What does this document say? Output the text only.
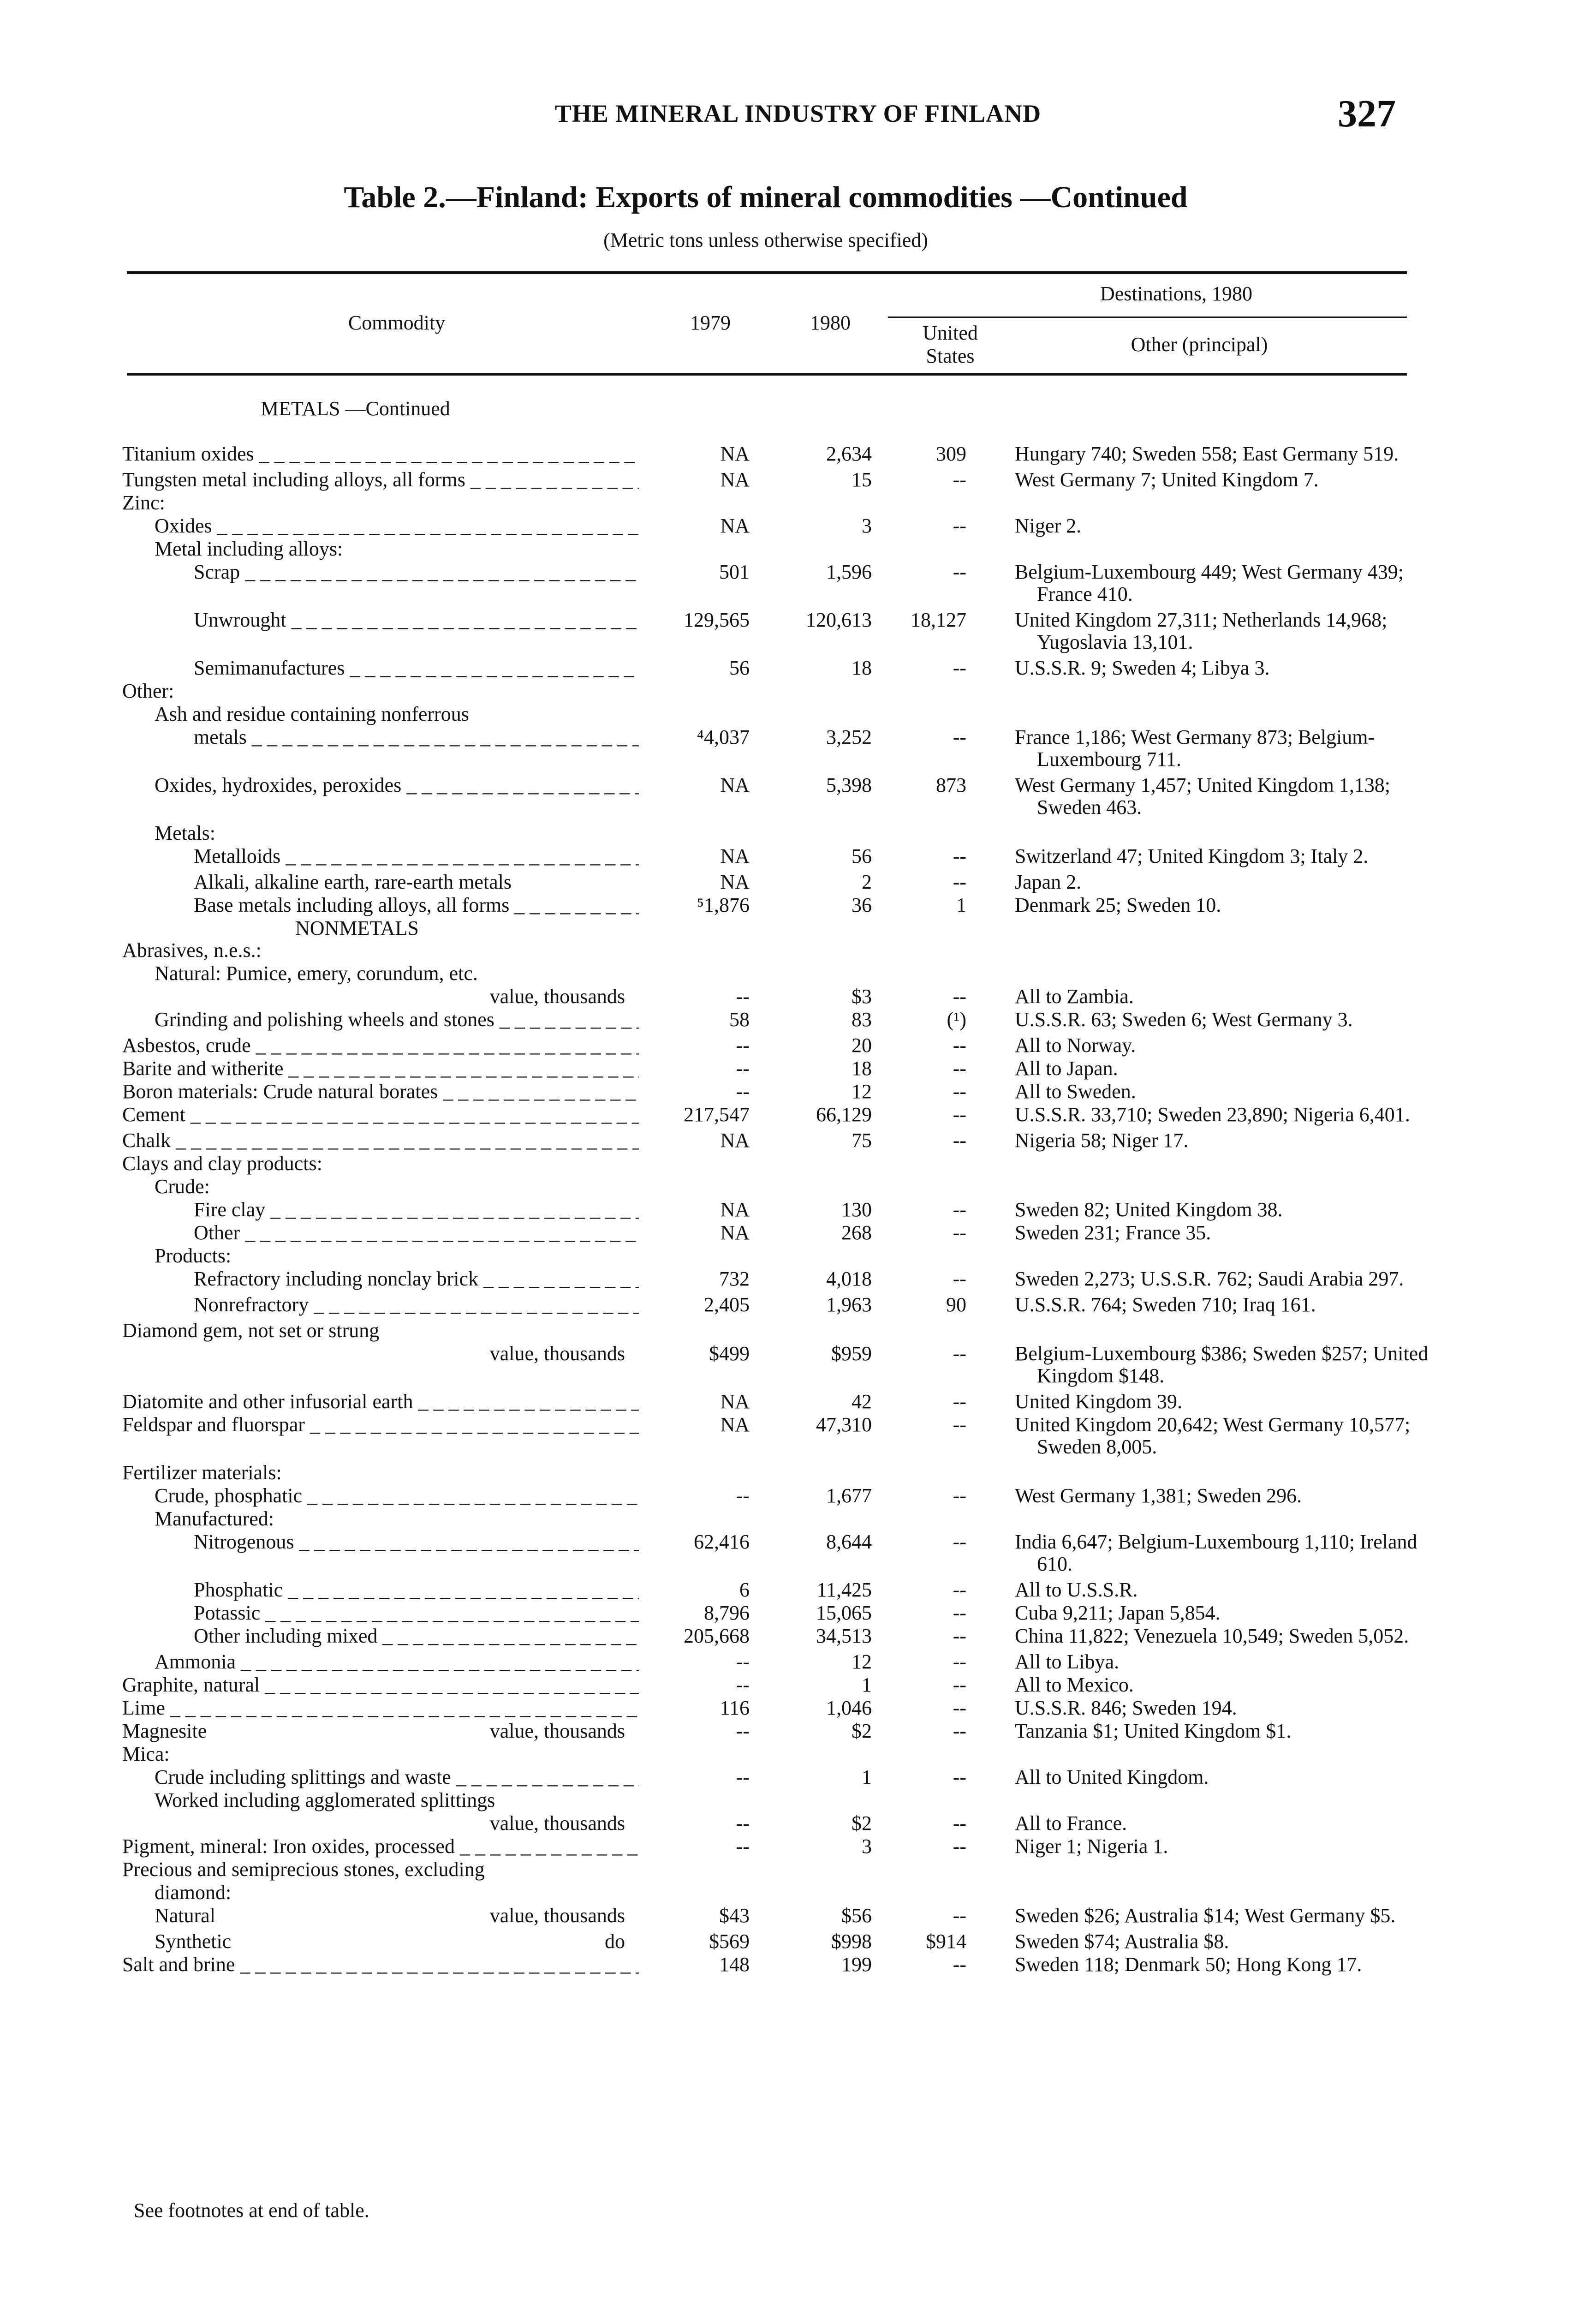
THE MINERAL INDUSTRY OF FINLAND	327
Table 2.—Finland: Exports of mineral commodities —Continued
(Metric tons unless otherwise specified)
Commodity	1979	1980
Destinations, 1980
United States
Other (principal)
METALS —Continued
Titanium oxides _ _ _	NA	2,634	309	Hungary 740; Sweden 558; East Germany 519.
Tungsten metal including alloys, all forms _ _ _	NA	15	--	West Germany 7; United Kingdom 7.
Zinc:
Oxides _ _ _	NA	3	--	Niger 2.
Metal including alloys:
Scrap _ _ _	501	1,596	--	Belgium-Luxembourg 449; West Germany 439; France 410.
Unwrought _ _ _	129,565	120,613	18,127	United Kingdom 27,311; Netherlands 14,968; Yugoslavia 13,101.
Semimanufactures _ _ _	56	18	--	U.S.S.R. 9; Sweden 4; Libya 3.
Other:
Ash and residue containing nonferrous
metals _ _ _	⁴4,037	3,252	--	France 1,186; West Germany 873; Belgium-Luxembourg 711.
Oxides, hydroxides, peroxides _ _ _	NA	5,398	873	West Germany 1,457; United Kingdom 1,138; Sweden 463.
Metals:
Metalloids _ _ _	NA	56	--	Switzerland 47; United Kingdom 3; Italy 2.
Alkali, alkaline earth, rare-earth metals	NA	2	--	Japan 2.
Base metals including alloys, all forms _ _ _	⁵1,876	36	1	Denmark 25; Sweden 10.
NONMETALS
Abrasives, n.e.s.:
Natural: Pumice, emery, corundum, etc.
value, thousands	--	$3	--	All to Zambia.
Grinding and polishing wheels and stones _ _ _	58	83	(¹)	U.S.S.R. 63; Sweden 6; West Germany 3.
Asbestos, crude _ _ _	--	20	--	All to Norway.
Barite and witherite _ _ _	--	18	--	All to Japan.
Boron materials: Crude natural borates _ _ _	--	12	--	All to Sweden.
Cement _ _ _	217,547	66,129	--	U.S.S.R. 33,710; Sweden 23,890; Nigeria 6,401.
Chalk _ _ _	NA	75	--	Nigeria 58; Niger 17.
Clays and clay products:
Crude:
Fire clay _ _ _	NA	130	--	Sweden 82; United Kingdom 38.
Other _ _ _	NA	268	--	Sweden 231; France 35.
Products:
Refractory including nonclay brick _ _ _	732	4,018	--	Sweden 2,273; U.S.S.R. 762; Saudi Arabia 297.
Nonrefractory _ _ _	2,405	1,963	90	U.S.S.R. 764; Sweden 710; Iraq 161.
Diamond gem, not set or strung
value, thousands	$499	$959	--	Belgium-Luxembourg $386; Sweden $257; United Kingdom $148.
Diatomite and other infusorial earth _ _ _	NA	42	--	United Kingdom 39.
Feldspar and fluorspar _ _ _	NA	47,310	--	United Kingdom 20,642; West Germany 10,577; Sweden 8,005.
Fertilizer materials:
Crude, phosphatic _ _ _	--	1,677	--	West Germany 1,381; Sweden 296.
Manufactured:
Nitrogenous _ _ _	62,416	8,644	--	India 6,647; Belgium-Luxembourg 1,110; Ireland 610.
Phosphatic _ _ _	6	11,425	--	All to U.S.S.R.
Potassic _ _ _	8,796	15,065	--	Cuba 9,211; Japan 5,854.
Other including mixed _ _ _	205,668	34,513	--	China 11,822; Venezuela 10,549; Sweden 5,052.
Ammonia _ _ _	--	12	--	All to Libya.
Graphite, natural _ _ _	--	1	--	All to Mexico.
Lime _ _ _	116	1,046	--	U.S.S.R. 846; Sweden 194.
Magnesite	value, thousands	--	$2	--	Tanzania $1; United Kingdom $1.
Mica:
Crude including splittings and waste _ _ _	--	1	--	All to United Kingdom.
Worked including agglomerated splittings
value, thousands	--	$2	--	All to France.
Pigment, mineral: Iron oxides, processed _ _ _	--	3	--	Niger 1; Nigeria 1.
Precious and semiprecious stones, excluding
diamond:
Natural	value, thousands	$43	$56	--	Sweden $26; Australia $14; West Germany $5.
Synthetic	do	$569	$998	$914	Sweden $74; Australia $8.
Salt and brine _ _ _	148	199	--	Sweden 118; Denmark 50; Hong Kong 17.
See footnotes at end of table.
